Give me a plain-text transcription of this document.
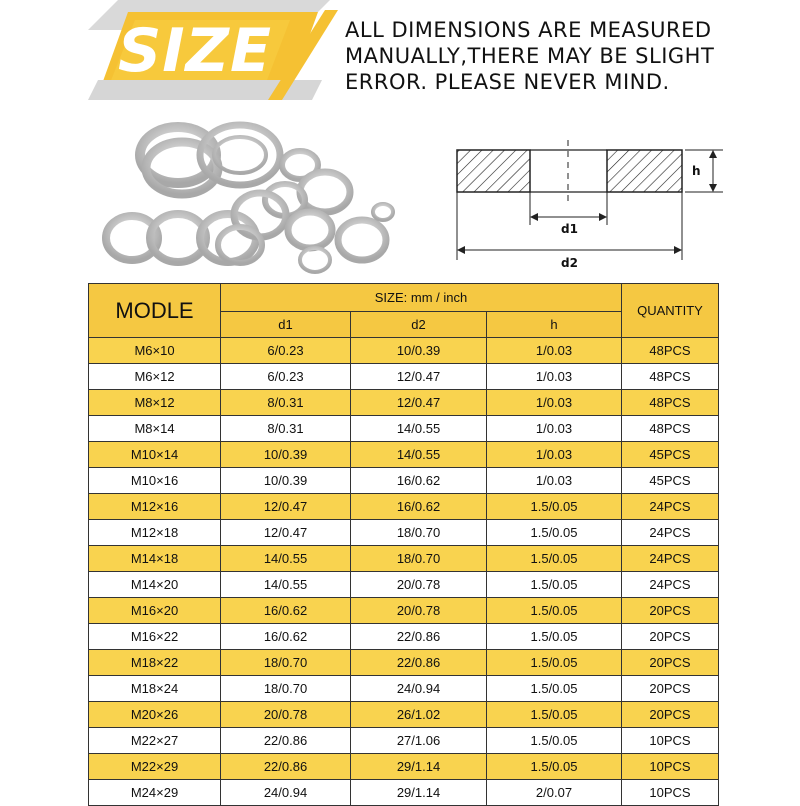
SIZE	ALL DIMENSIONS ARE MEASURED
MANUALLY,THERE MAY BE SLIGHT
ERROR. PLEASE NEVER MIND.
h
d1
d2
MODLE	SIZE: mm / inch			QUANTITY
	d1	d2	h	
M6×10	6/0.23	10/0.39	1/0.03	48PCS
M6×12	6/0.23	12/0.47	1/0.03	48PCS
M8×12	8/0.31	12/0.47	1/0.03	48PCS
M8×14	8/0.31	14/0.55	1/0.03	48PCS
M10×14	10/0.39	14/0.55	1/0.03	45PCS
M10×16	10/0.39	16/0.62	1/0.03	45PCS
M12×16	12/0.47	16/0.62	1.5/0.05	24PCS
M12×18	12/0.47	18/0.70	1.5/0.05	24PCS
M14×18	14/0.55	18/0.70	1.5/0.05	24PCS
M14×20	14/0.55	20/0.78	1.5/0.05	24PCS
M16×20	16/0.62	20/0.78	1.5/0.05	20PCS
M16×22	16/0.62	22/0.86	1.5/0.05	20PCS
M18×22	18/0.70	22/0.86	1.5/0.05	20PCS
M18×24	18/0.70	24/0.94	1.5/0.05	20PCS
M20×26	20/0.78	26/1.02	1.5/0.05	20PCS
M22×27	22/0.86	27/1.06	1.5/0.05	10PCS
M22×29	22/0.86	29/1.14	1.5/0.05	10PCS
M24×29	24/0.94	29/1.14	2/0.07	10PCS
